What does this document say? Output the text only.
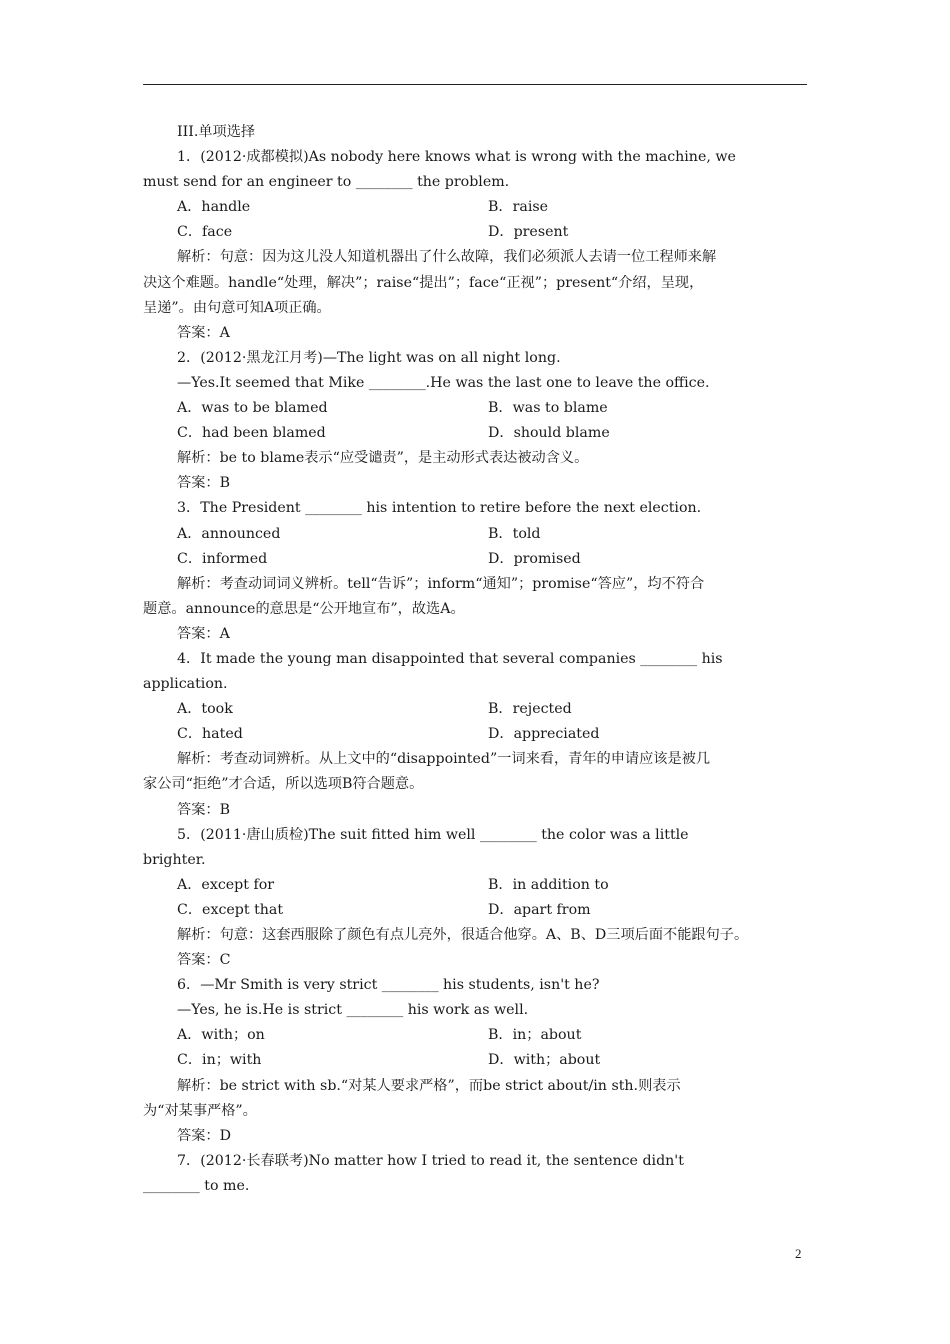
III.单项选择
1．(2012·成都模拟)As nobody here knows what is wrong with the machine, we
must send for an engineer to ________ the problem.
A．handle	B．raise
C．face	D．present
解析：句意：因为这儿没人知道机器出了什么故障，我们必须派人去请一位工程师来解
决这个难题。handle“处理，解决”；raise“提出”；face“正视”；present“介绍，呈现，
呈递”。由句意可知A项正确。
答案：A
2．(2012·黑龙江月考)—The light was on all night long.
—Yes.It seemed that Mike ________.He was the last one to leave the office.
A．was to be blamed	B．was to blame
C．had been blamed	D．should blame
解析：be to blame表示“应受谴责”，是主动形式表达被动含义。
答案：B
3．The President ________ his intention to retire before the next election.
A．announced	B．told
C．informed	D．promised
解析：考查动词词义辨析。tell“告诉”；inform“通知”；promise“答应”，均不符合
题意。announce的意思是“公开地宣布”，故选A。
答案：A
4．It made the young man disappointed that several companies ________ his
application.
A．took	B．rejected
C．hated	D．appreciated
解析：考查动词辨析。从上文中的“disappointed”一词来看，青年的申请应该是被几
家公司“拒绝”才合适，所以选项B符合题意。
答案：B
5．(2011·唐山质检)The suit fitted him well ________ the color was a little
brighter.
A．except for	B．in addition to
C．except that	D．apart from
解析：句意：这套西服除了颜色有点儿亮外，很适合他穿。A、B、D三项后面不能跟句子。
答案：C
6．—Mr Smith is very strict ________ his students, isn't he?
—Yes, he is.He is strict ________ his work as well.
A．with；on	B．in；about
C．in；with	D．with；about
解析：be strict with sb.“对某人要求严格”，而be strict about/in sth.则表示
为“对某事严格”。
答案：D
7．(2012·长春联考)No matter how I tried to read it, the sentence didn't
________ to me.
2
